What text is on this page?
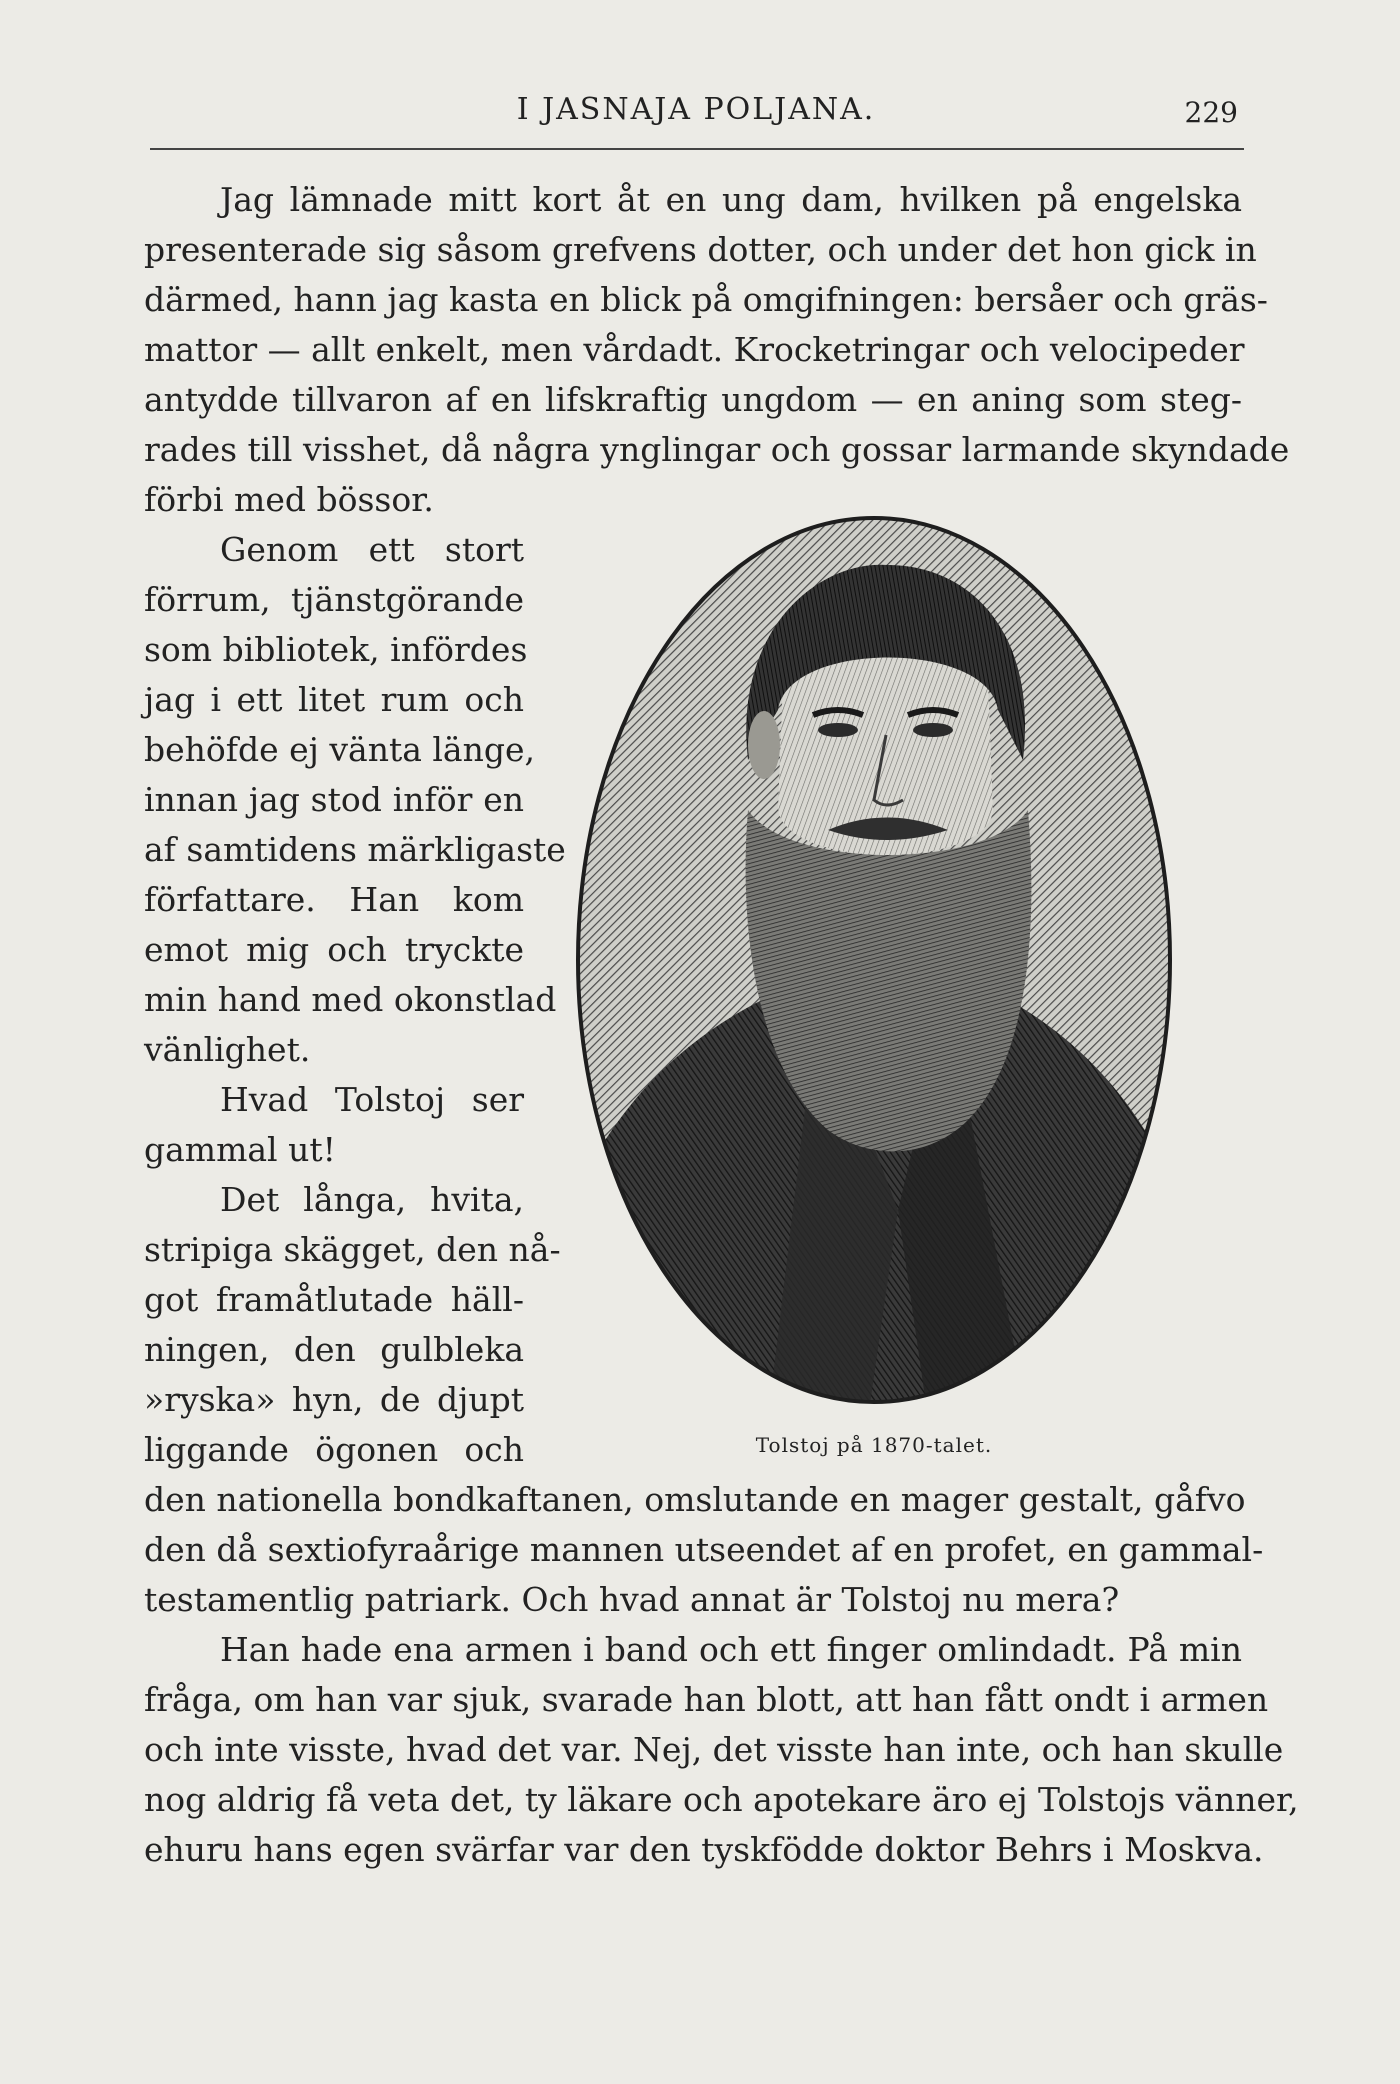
I JASNAJA POLJANA.	229
Jag lämnade mitt kort åt en ung dam, hvilken på engelska
presenterade sig såsom grefvens dotter, och under det hon gick in
därmed, hann jag kasta en blick på omgifningen: bersåer och gräs-
mattor — allt enkelt, men vårdadt. Krocketringar och velocipeder
antydde tillvaron af en lifskraftig ungdom — en aning som steg-
rades till visshet, då några ynglingar och gossar larmande skyndade
förbi med bössor.
Genom ett stort
förrum, tjänstgörande
som bibliotek, infördes
jag i ett litet rum och
behöfde ej vänta länge,
innan jag stod inför en
af samtidens märkligaste
författare. Han kom
emot mig och tryckte
min hand med okonstlad
vänlighet.
Hvad Tolstoj ser
gammal ut!
Det långa, hvita,
stripiga skägget, den nå-
got framåtlutade häll-
ningen, den gulbleka
»ryska» hyn, de djupt
liggande ögonen och
den nationella bondkaftanen, omslutande en mager gestalt, gåfvo
den då sextiofyraårige mannen utseendet af en profet, en gammal-
testamentlig patriark. Och hvad annat är Tolstoj nu mera?
Han hade ena armen i band och ett finger omlindadt. På min
fråga, om han var sjuk, svarade han blott, att han fått ondt i armen
och inte visste, hvad det var. Nej, det visste han inte, och han skulle
nog aldrig få veta det, ty läkare och apotekare äro ej Tolstojs vänner,
ehuru hans egen svärfar var den tyskfödde doktor Behrs i Moskva.
Tolstoj på 1870-talet.
